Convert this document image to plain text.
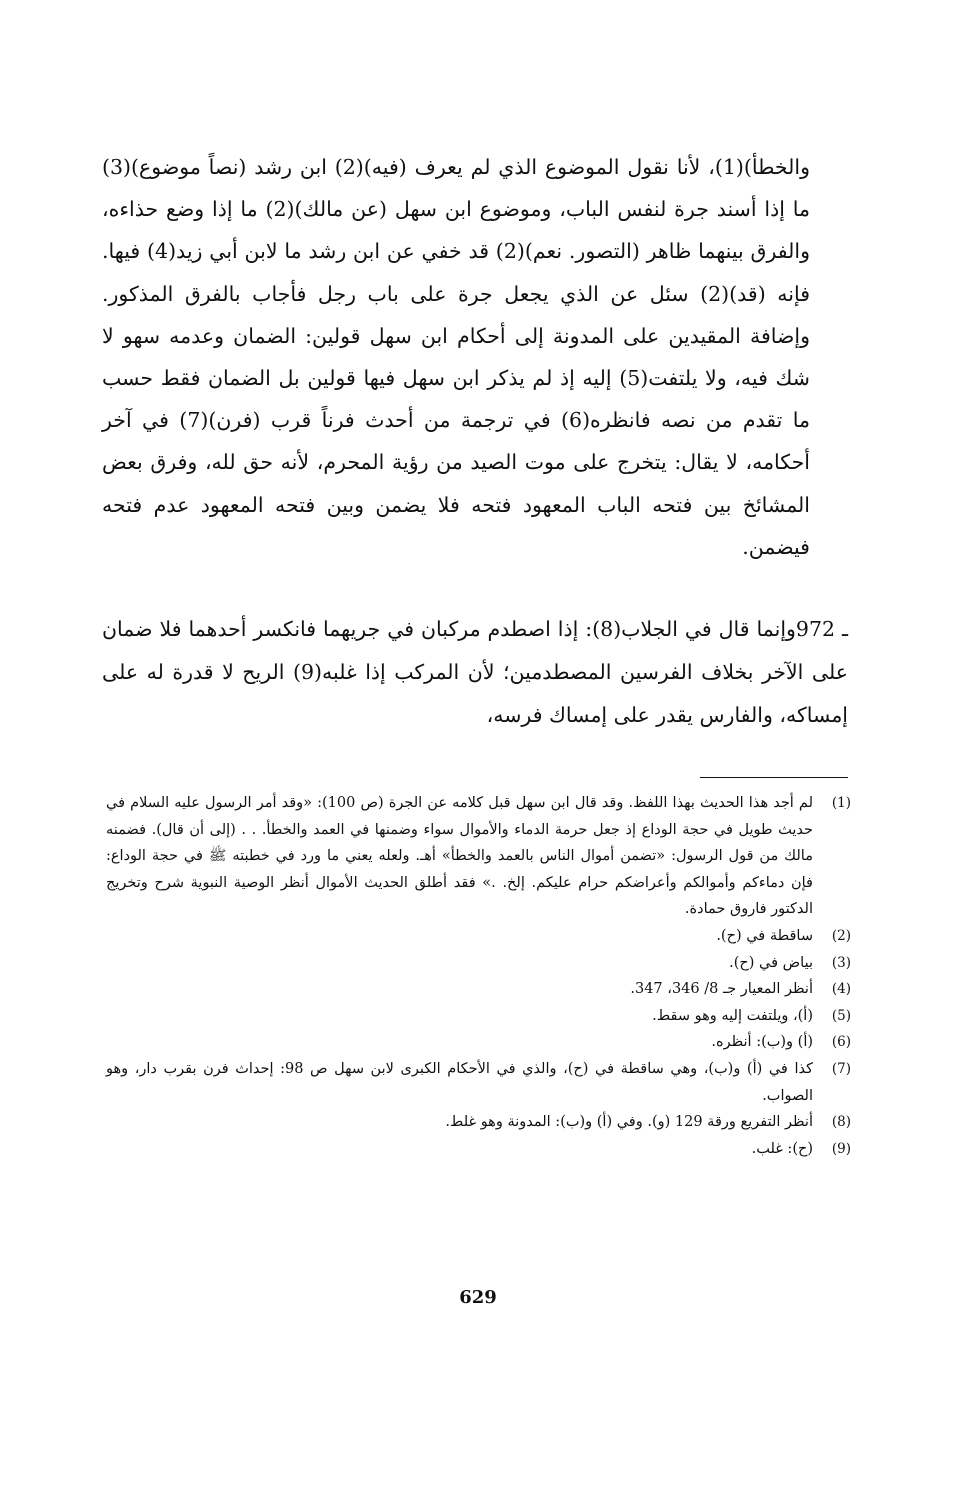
والخطأ)(1)، لأنا نقول الموضوع الذي لم يعرف (فيه)(2) ابن رشد (نصاً موضوع)(3) ما إذا أسند جرة لنفس الباب، وموضوع ابن سهل (عن مالك)(2) ما إذا وضع حذاءه، والفرق بينهما ظاهر (التصور. نعم)(2) قد خفي عن ابن رشد ما لابن أبي زيد(4) فيها. فإنه (قد)(2) سئل عن الذي يجعل جرة على باب رجل فأجاب بالفرق المذكور. وإضافة المقيدين على المدونة إلى أحكام ابن سهل قولين: الضمان وعدمه سهو لا شك فيه، ولا يلتفت(5) إليه إذ لم يذكر ابن سهل فيها قولين بل الضمان فقط حسب ما تقدم من نصه فانظره(6) في ترجمة من أحدث فرناً قرب (فرن)(7) في آخر أحكامه، لا يقال: يتخرج على موت الصيد من رؤية المحرم، لأنه حق لله، وفرق بعض المشائخ بين فتحه الباب المعهود فتحه فلا يضمن وبين فتحه المعهود عدم فتحه فيضمن.

972 ـوإنما قال في الجلاب(8): إذا اصطدم مركبان في جريهما فانكسر أحدهما فلا ضمان على الآخر بخلاف الفرسين المصطدمين؛ لأن المركب إذا غلبه(9) الريح لا قدرة له على إمساكه، والفارس يقدر على إمساك فرسه،

(1)
لم أجد هذا الحديث بهذا اللفظ. وقد قال ابن سهل قبل كلامه عن الجرة (ص 100): «وقد أمر الرسول عليه السلام في حديث طويل في حجة الوداع إذ جعل حرمة الدماء والأموال سواء وضمنها في العمد والخطأ. . . (إلى أن قال). فضمنه مالك من قول الرسول: «تضمن أموال الناس بالعمد والخطأ» أهـ. ولعله يعني ما ورد في خطبته ﷺ في حجة الوداع: فإن دماءكم وأموالكم وأعراضكم حرام عليكم. إلخ. .» فقد أطلق الحديث الأموال أنظر الوصية النبوية شرح وتخريج الدكتور فاروق حمادة.
(2)
ساقطة في (ح).
(3)
بياض في (ح).
(4)
أنظر المعيار جـ 8/ 346، 347.
(5)
(أ)، ويلتفت إليه وهو سقط.
(6)
(أ) و(ب): أنظره.
(7)
كذا في (أ) و(ب)، وهي ساقطة في (ح)، والذي في الأحكام الكبرى لابن سهل ص 98: إحداث فرن بقرب دار، وهو الصواب.
(8)
أنظر التفريع ورقة 129 (و). وفي (أ) و(ب): المدونة وهو غلط.
(9)
(ح): غلب.
629
